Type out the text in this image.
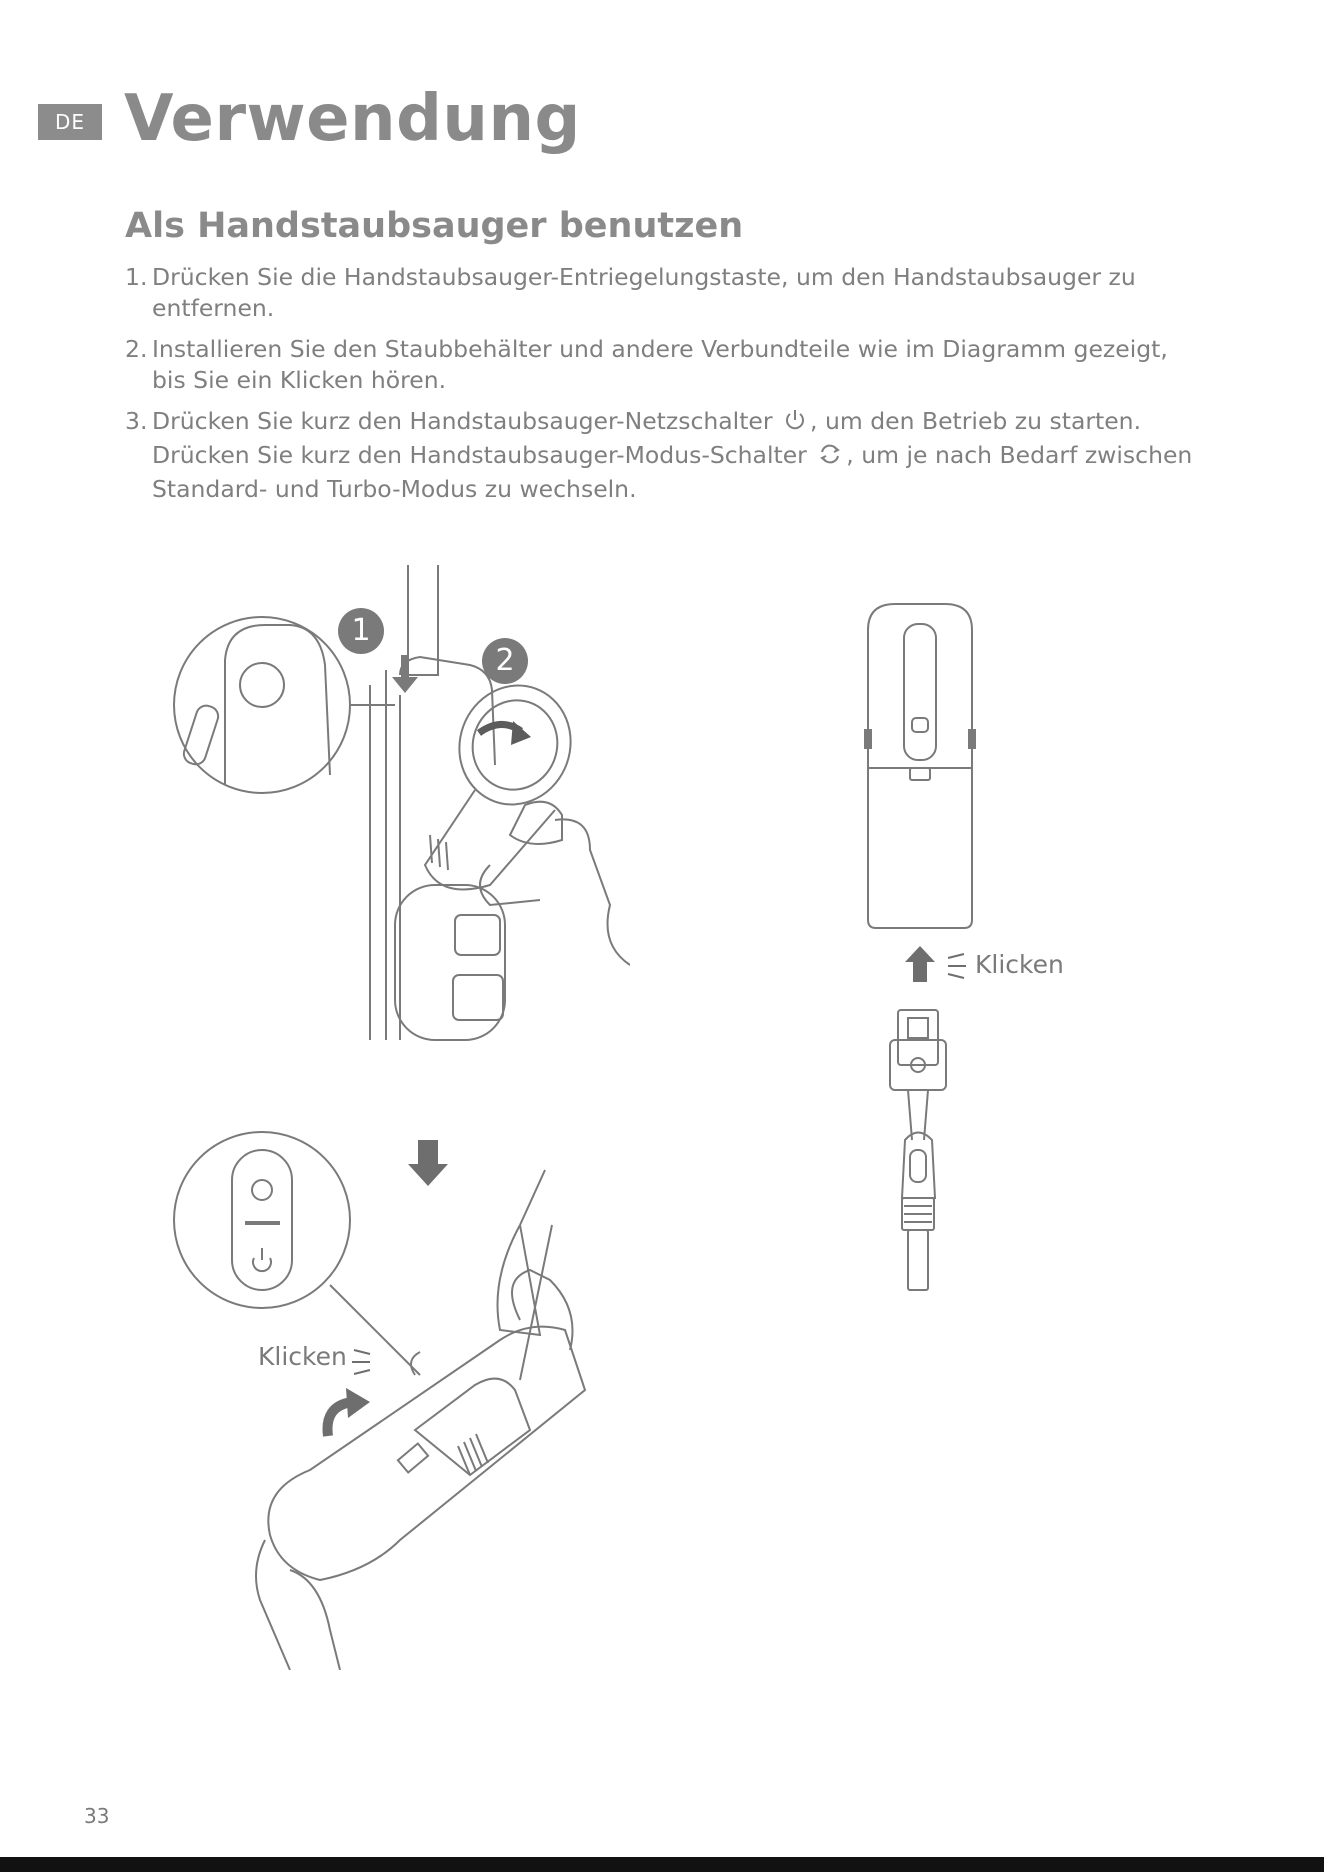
DE Verwendung
Als Handstaubsauger benutzen
1. Drücken Sie die Handstaubsauger-Entriegelungstaste, um den Handstaubsauger zu entfernen.
2. Installieren Sie den Staubbehälter und andere Verbundteile wie im Diagramm gezeigt, bis Sie ein Klicken hören.
3. Drücken Sie kurz den Handstaubsauger-Netzschalter , um den Betrieb zu starten.
Drücken Sie kurz den Handstaubsauger-Modus-Schalter , um je nach Bedarf zwischen Standard- und Turbo-Modus zu wechseln.
1
2
Klicken
Klicken
33
